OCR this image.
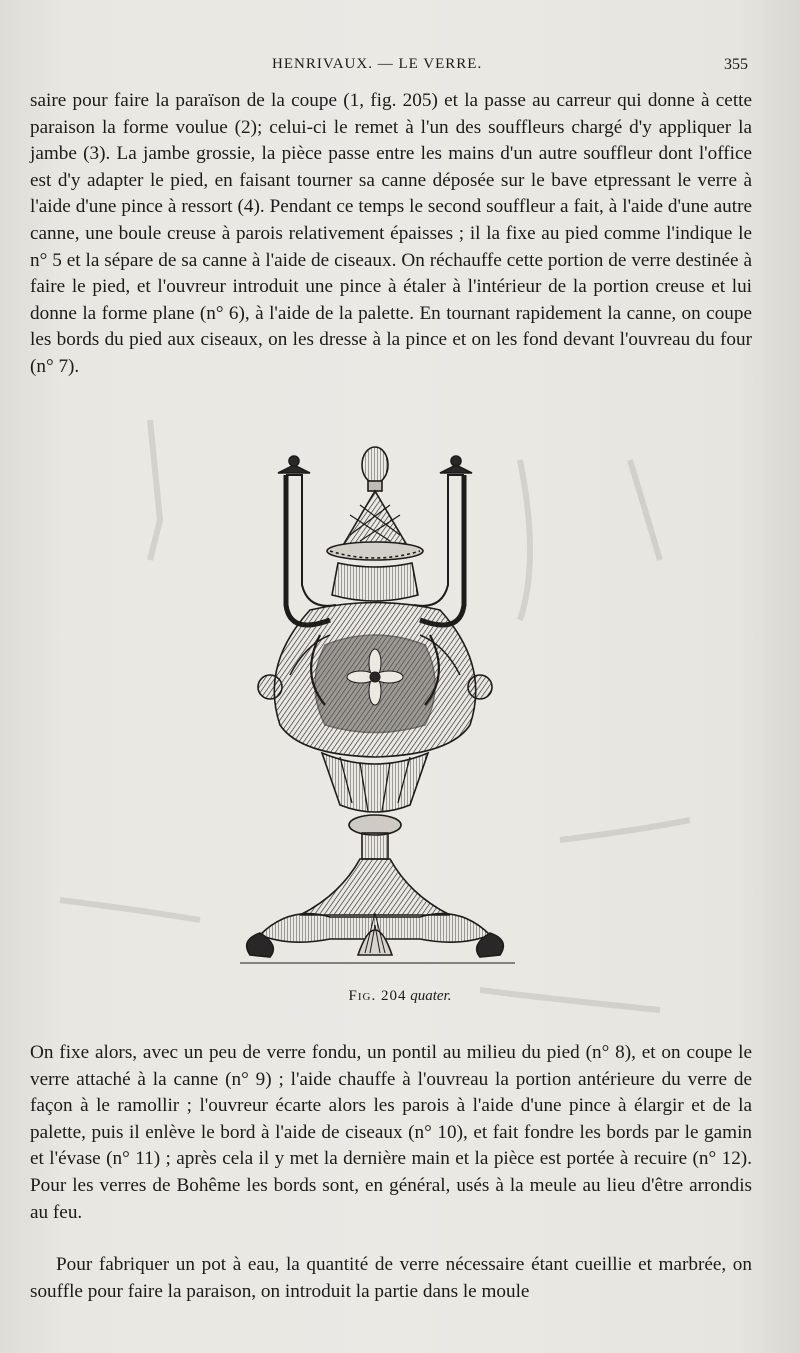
HENRIVAUX. — LE VERRE.	355

saire pour faire la paraïson de la coupe (1, fig. 205) et la passe au carreur qui donne à cette paraison la forme voulue (2); celui-ci le remet à l'un des souffleurs chargé d'y appliquer la jambe (3). La jambe grossie, la pièce passe entre les mains d'un autre souffleur dont l'office est d'y adapter le pied, en faisant tourner sa canne déposée sur le bave etpressant le verre à l'aide d'une pince à ressort (4). Pendant ce temps le second souffleur a fait, à l'aide d'une autre canne, une boule creuse à parois relativement épaisses ; il la fixe au pied comme l'indique le n° 5 et la sépare de sa canne à l'aide de ciseaux. On réchauffe cette portion de verre destinée à faire le pied, et l'ouvreur introduit une pince à étaler à l'intérieur de la portion creuse et lui donne la forme plane (n° 6), à l'aide de la palette. En tournant rapidement la canne, on coupe les bords du pied aux ciseaux, on les dresse à la pince et on les fond devant l'ouvreau du four (n° 7).

Fig. 204 quater.

On fixe alors, avec un peu de verre fondu, un pontil au milieu du pied (n° 8), et on coupe le verre attaché à la canne (n° 9) ; l'aide chauffe à l'ouvreau la portion antérieure du verre de façon à le ramollir ; l'ouvreur écarte alors les parois à l'aide d'une pince à élargir et de la palette, puis il enlève le bord à l'aide de ciseaux (n° 10), et fait fondre les bords par le gamin et l'évase (n° 11) ; après cela il y met la dernière main et la pièce est portée à recuire (n° 12). Pour les verres de Bohême les bords sont, en général, usés à la meule au lieu d'être arrondis au feu.

Pour fabriquer un pot à eau, la quantité de verre nécessaire étant cueillie et marbrée, on souffle pour faire la paraison, on introduit la partie dans le moule
